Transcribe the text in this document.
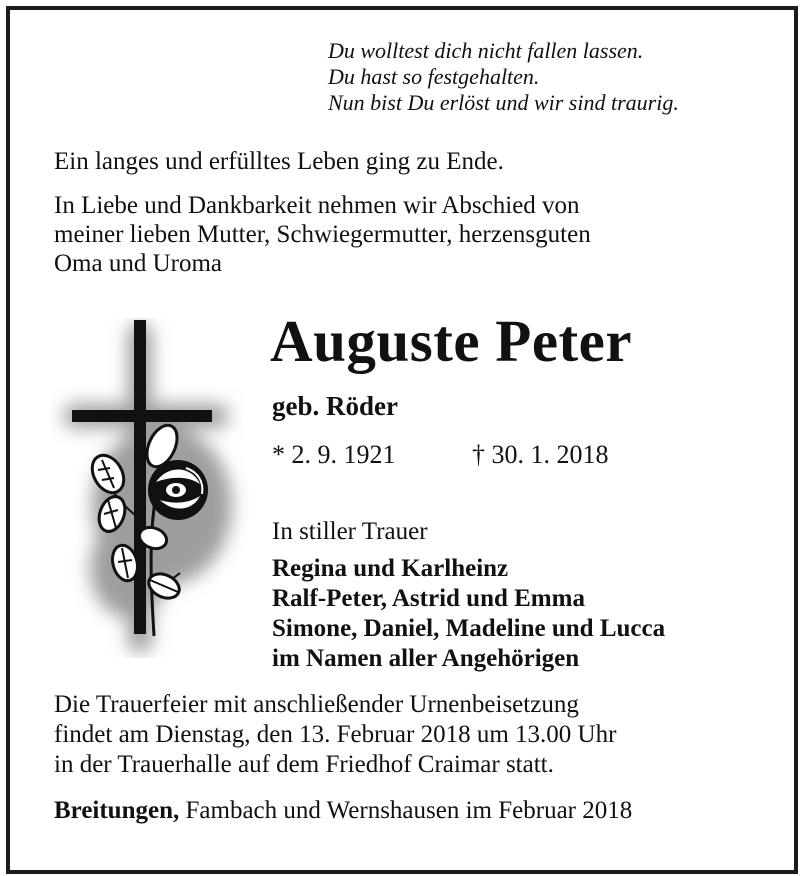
Du wolltest dich nicht fallen lassen.
Du hast so festgehalten.
Nun bist Du erlöst und wir sind traurig.
Ein langes und erfülltes Leben ging zu Ende.
In Liebe und Dankbarkeit nehmen wir Abschied von
meiner lieben Mutter, Schwiegermutter, herzensguten
Oma und Uroma
Auguste Peter
geb. Röder
* 2. 9. 1921	† 30. 1. 2018
In stiller Trauer
Regina und Karlheinz
Ralf-Peter, Astrid und Emma
Simone, Daniel, Madeline und Lucca
im Namen aller Angehörigen
Die Trauerfeier mit anschließender Urnenbeisetzung
findet am Dienstag, den 13. Februar 2018 um 13.00 Uhr
in der Trauerhalle auf dem Friedhof Craimar statt.
Breitungen, Fambach und Wernshausen im Februar 2018
